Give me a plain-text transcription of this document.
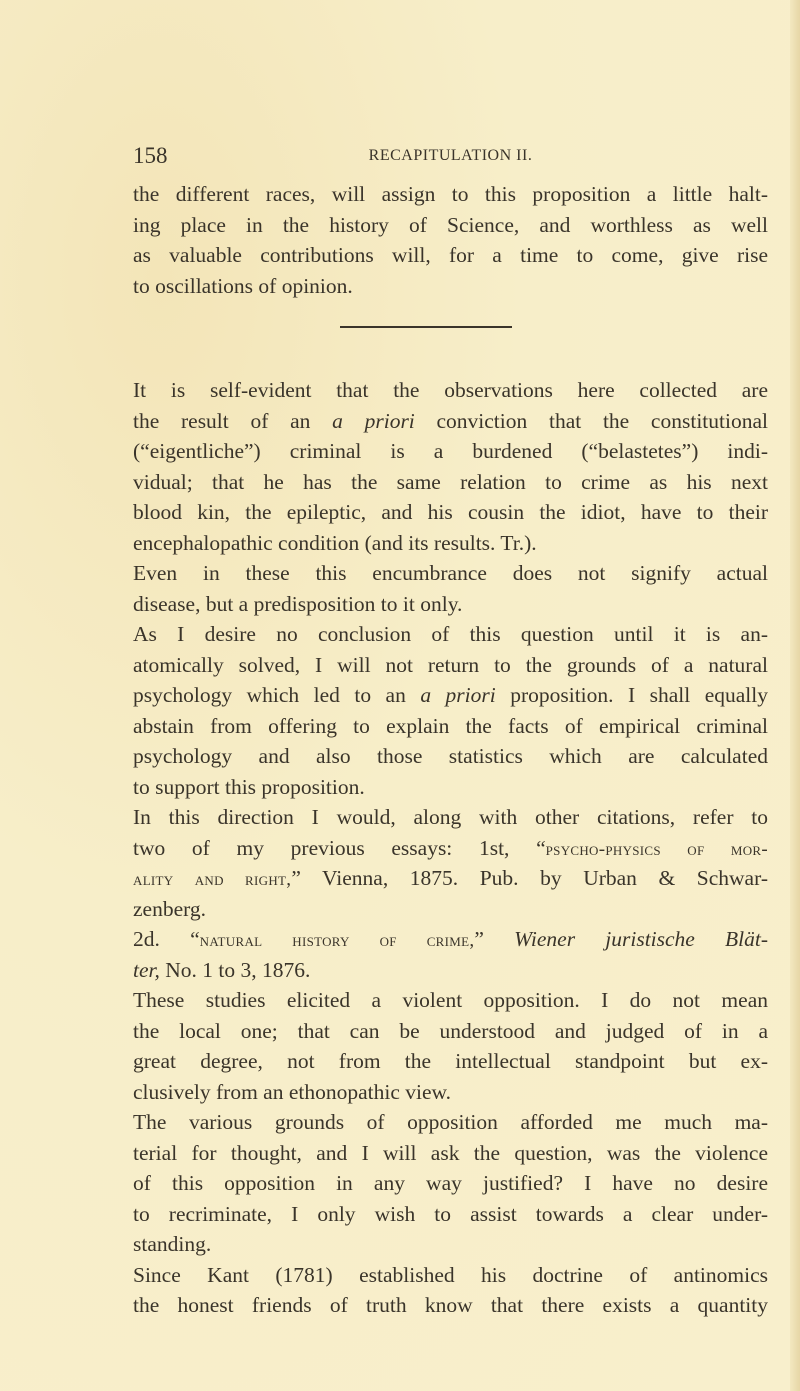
158	RECAPITULATION II.
the different races, will assign to this proposition a little halt-
ing place in the history of Science, and worthless as well
as valuable contributions will, for a time to come, give rise
to oscillations of opinion.
It is self-evident that the observations here collected are
the result of an a priori conviction that the constitutional
(“eigentliche”) criminal is a burdened (“belastetes”) indi-
vidual; that he has the same relation to crime as his next
blood kin, the epileptic, and his cousin the idiot, have to their
encephalopathic condition (and its results. Tr.).
Even in these this encumbrance does not signify actual
disease, but a predisposition to it only.
As I desire no conclusion of this question until it is an-
atomically solved, I will not return to the grounds of a natural
psychology which led to an a priori proposition. I shall equally
abstain from offering to explain the facts of empirical criminal
psychology and also those statistics which are calculated
to support this proposition.
In this direction I would, along with other citations, refer to
two of my previous essays: 1st, “psycho-physics of mor-
ality and right,” Vienna, 1875. Pub. by Urban & Schwar-
zenberg.
2d. “natural history of crime,” Wiener juristische Blät-
ter, No. 1 to 3, 1876.
These studies elicited a violent opposition. I do not mean
the local one; that can be understood and judged of in a
great degree, not from the intellectual standpoint but ex-
clusively from an ethonopathic view.
The various grounds of opposition afforded me much ma-
terial for thought, and I will ask the question, was the violence
of this opposition in any way justified? I have no desire
to recriminate, I only wish to assist towards a clear under-
standing.
Since Kant (1781) established his doctrine of antinomics
the honest friends of truth know that there exists a quantity
